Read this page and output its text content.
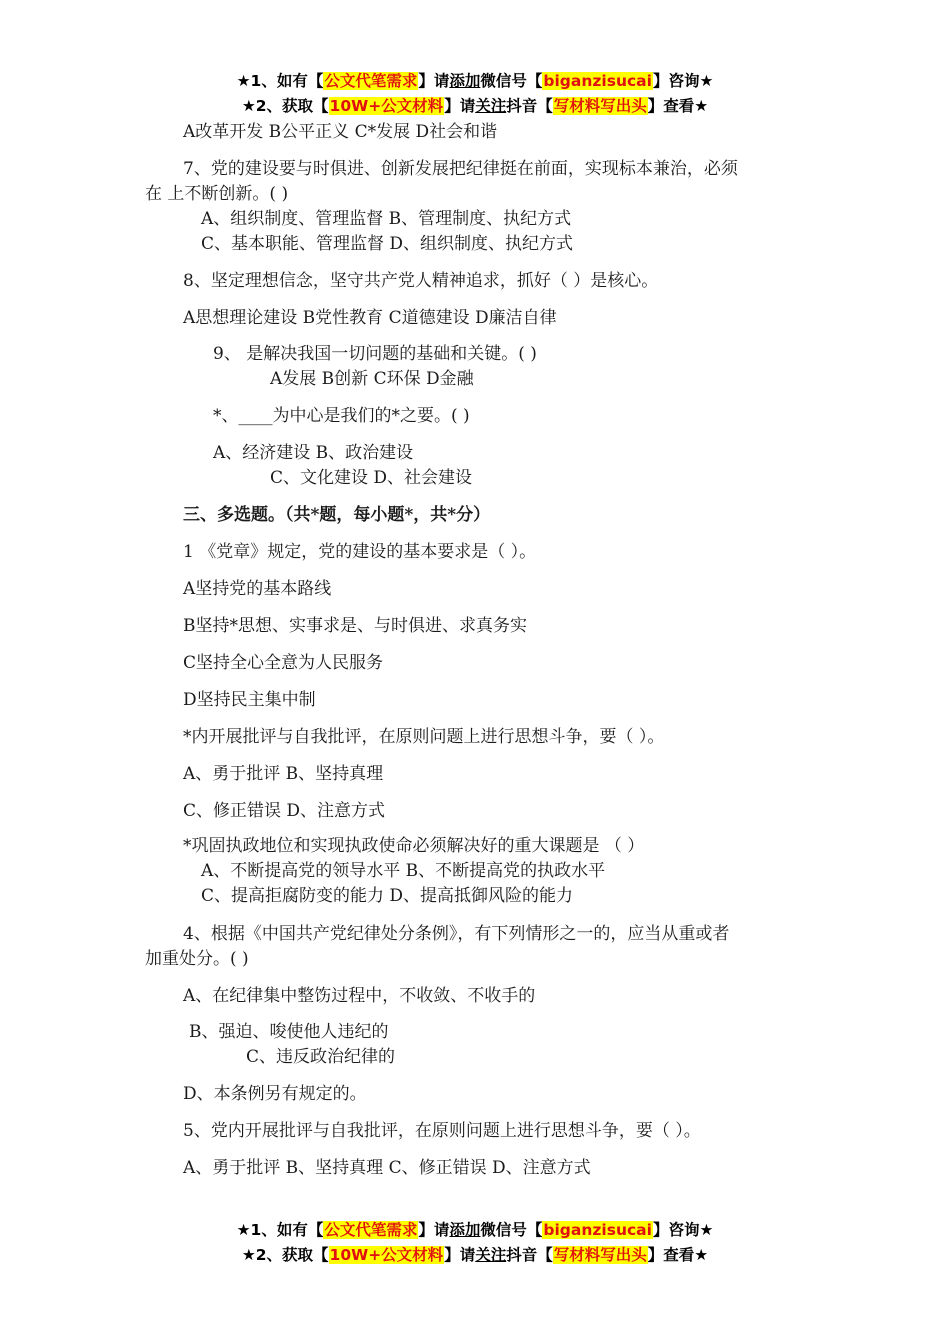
★1、如有【公文代笔需求】请添加微信号【biganzisucai】咨询★
★2、获取【10W+公文材料】请关注抖音【写材料写出头】查看★
A改革开发 B公平正义 C*发展 D社会和谐
7、党的建设要与时俱进、创新发展把纪律挺在前面，实现标本兼治，必须
在 上不断创新。( )
A、组织制度、管理监督 B、管理制度、执纪方式
C、基本职能、管理监督 D、组织制度、执纪方式
8、坚定理想信念，坚守共产党人精神追求，抓好（ ）是核心。
A思想理论建设 B党性教育 C道德建设 D廉洁自律
9、 是解决我国一切问题的基础和关键。( )
A发展 B创新 C环保 D金融
*、____为中心是我们的*之要。( )
A、经济建设 B、政治建设
C、文化建设 D、社会建设
三、多选题。（共*题，每小题*，共*分）
1 《党章》规定，党的建设的基本要求是（ ）。
A坚持党的基本路线
B坚持*思想、实事求是、与时俱进、求真务实
C坚持全心全意为人民服务
D坚持民主集中制
*内开展批评与自我批评，在原则问题上进行思想斗争，要（ ）。
A、勇于批评 B、坚持真理
C、修正错误 D、注意方式
*巩固执政地位和实现执政使命必须解决好的重大课题是 （ ）
A、不断提高党的领导水平 B、不断提高党的执政水平
C、提高拒腐防变的能力 D、提高抵御风险的能力
4、根据《中国共产党纪律处分条例》，有下列情形之一的，应当从重或者
加重处分。( )
A、在纪律集中整饬过程中，不收敛、不收手的
B、强迫、唆使他人违纪的
C、违反政治纪律的
D、本条例另有规定的。
5、党内开展批评与自我批评，在原则问题上进行思想斗争，要（ ）。
A、勇于批评 B、坚持真理 C、修正错误 D、注意方式
★1、如有【公文代笔需求】请添加微信号【biganzisucai】咨询★
★2、获取【10W+公文材料】请关注抖音【写材料写出头】查看★
